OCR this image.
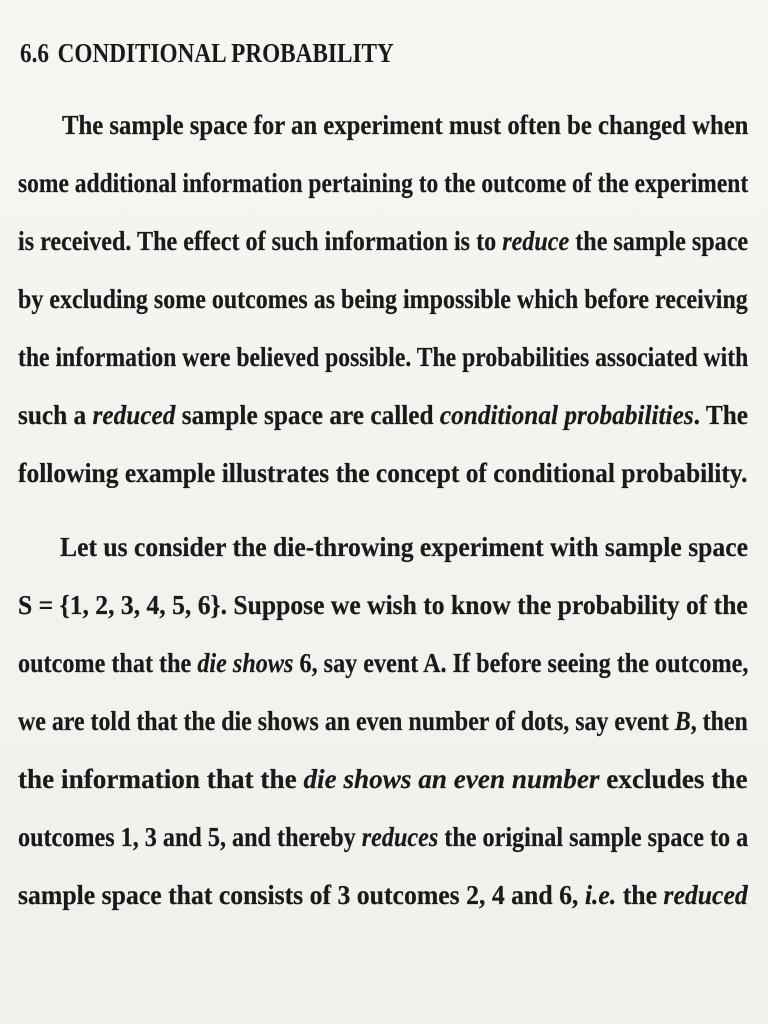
6.6 CONDITIONAL PROBABILITY
The sample space for an experiment must often be changed when
some additional information pertaining to the outcome of the experiment
is received. The effect of such information is to reduce the sample space
by excluding some outcomes as being impossible which before receiving
the information were believed possible. The probabilities associated with
such a reduced sample space are called conditional probabilities. The
following example illustrates the concept of conditional probability.
Let us consider the die-throwing experiment with sample space
S = {1, 2, 3, 4, 5, 6}. Suppose we wish to know the probability of the
outcome that the die shows 6, say event A. If before seeing the outcome,
we are told that the die shows an even number of dots, say event B, then
the information that the die shows an even number excludes the
outcomes 1, 3 and 5, and thereby reduces the original sample space to a
sample space that consists of 3 outcomes 2, 4 and 6, i.e. the reduced
